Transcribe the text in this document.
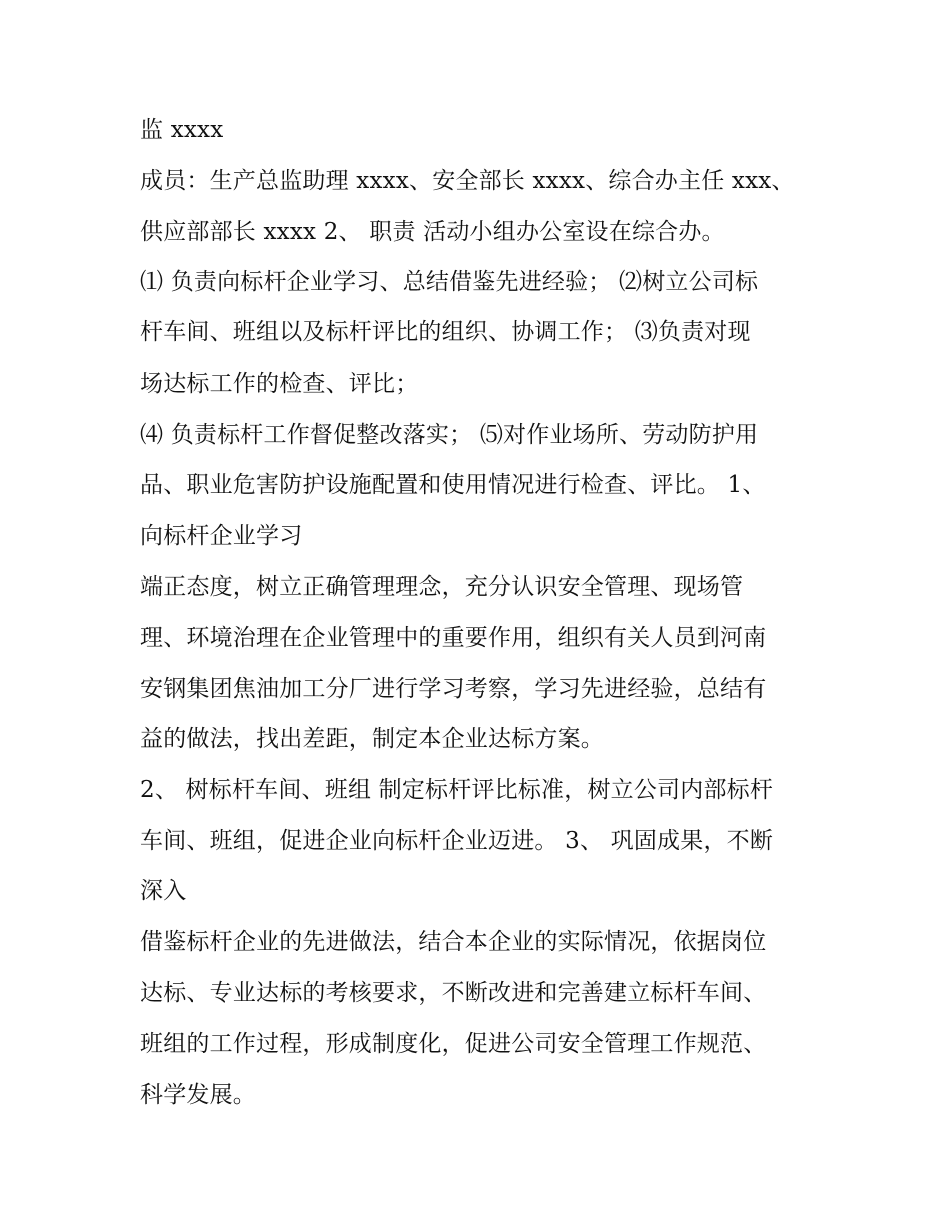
监 xxxx

成员：生产总监助理 xxxx、安全部长 xxxx、综合办主任 xxx、

供应部部长 xxxx 2、 职责 活动小组办公室设在综合办。

⑴ 负责向标杆企业学习、总结借鉴先进经验； ⑵树立公司标

杆车间、班组以及标杆评比的组织、协调工作； ⑶负责对现

场达标工作的检查、评比；

⑷ 负责标杆工作督促整改落实； ⑸对作业场所、劳动防护用

品、职业危害防护设施配置和使用情况进行检查、评比。 1、

向标杆企业学习

端正态度，树立正确管理理念，充分认识安全管理、现场管

理、环境治理在企业管理中的重要作用，组织有关人员到河南

安钢集团焦油加工分厂进行学习考察，学习先进经验，总结有

益的做法，找出差距，制定本企业达标方案。

2、 树标杆车间、班组 制定标杆评比标准，树立公司内部标杆

车间、班组，促进企业向标杆企业迈进。 3、 巩固成果，不断

深入

借鉴标杆企业的先进做法，结合本企业的实际情况，依据岗位

达标、专业达标的考核要求，不断改进和完善建立标杆车间、

班组的工作过程，形成制度化，促进公司安全管理工作规范、

科学发展。
